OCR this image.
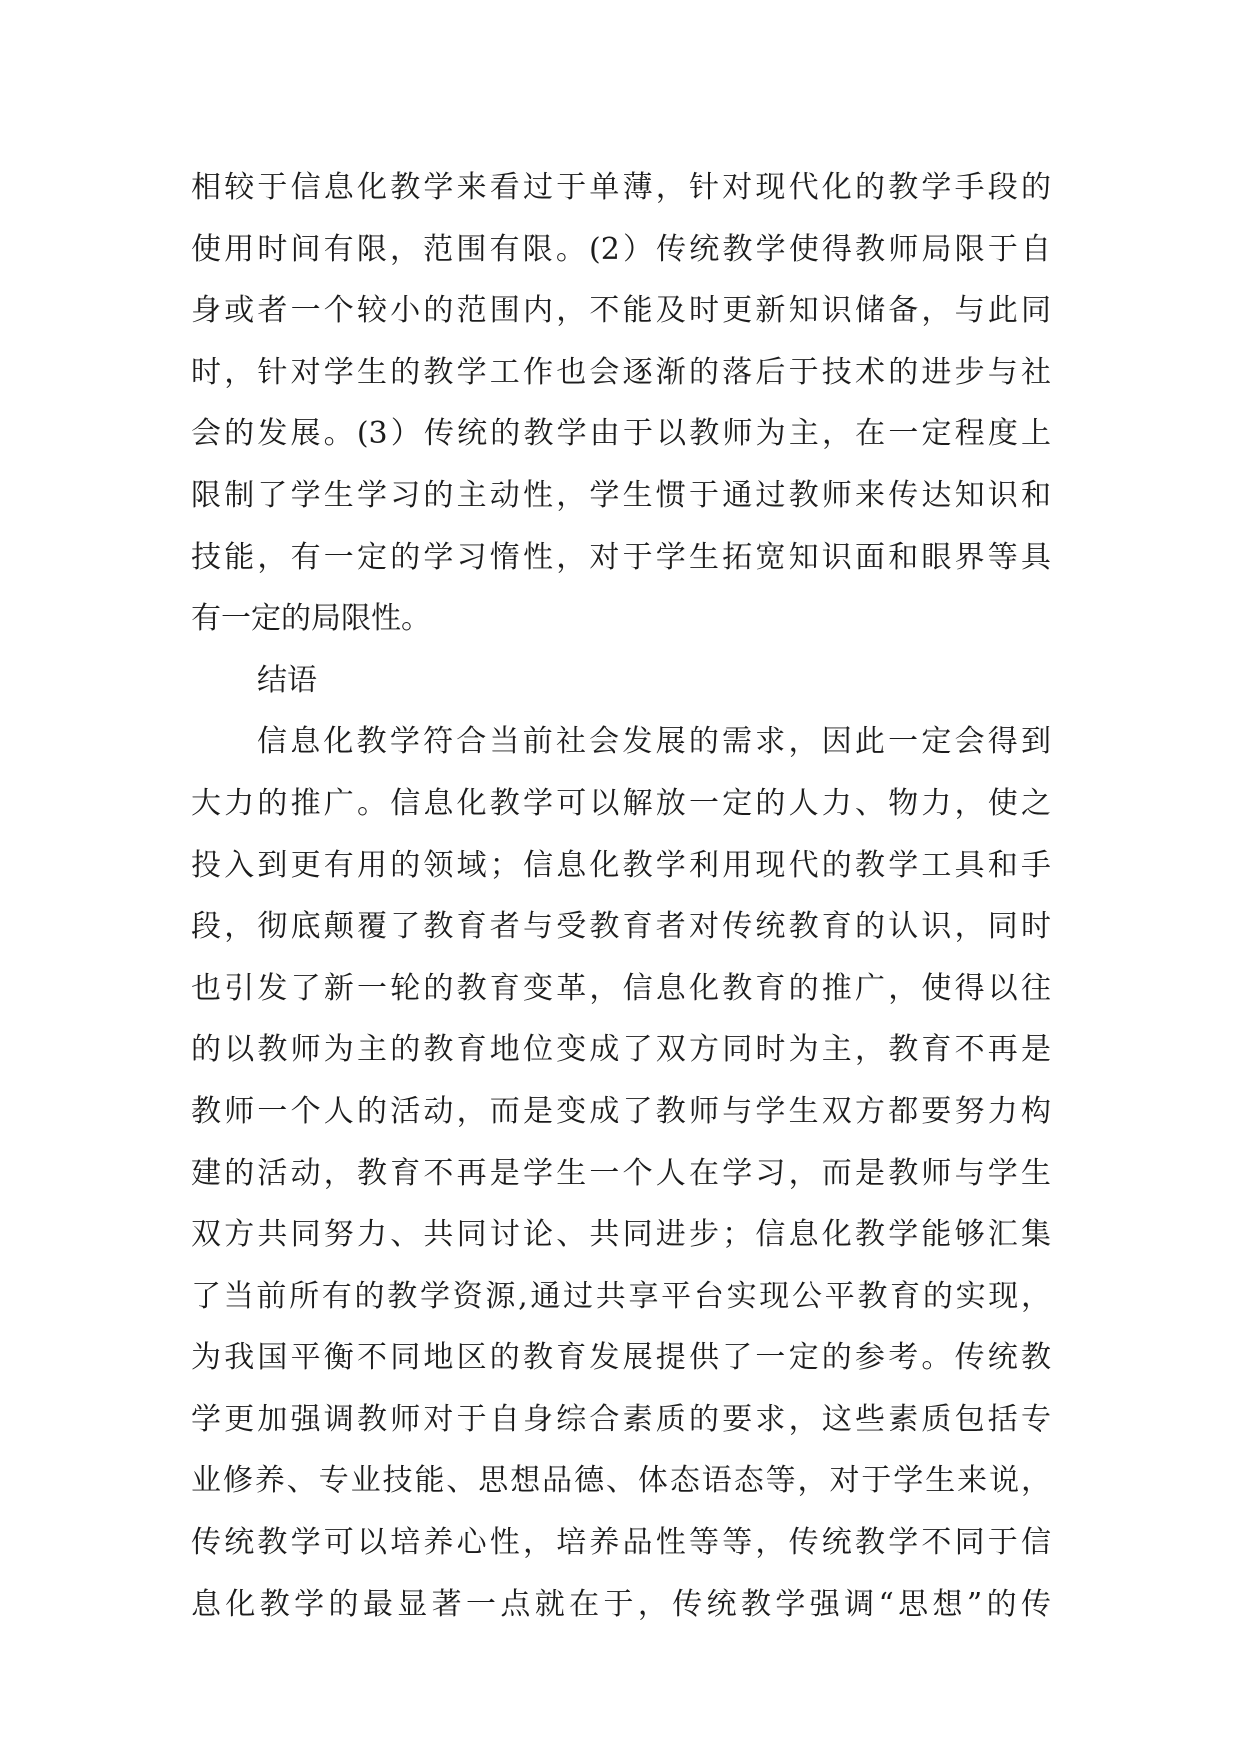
相较于信息化教学来看过于单薄，针对现代化的教学手段的
使用时间有限，范围有限。(2）传统教学使得教师局限于自
身或者一个较小的范围内，不能及时更新知识储备，与此同
时，针对学生的教学工作也会逐渐的落后于技术的进步与社
会的发展。(3）传统的教学由于以教师为主，在一定程度上
限制了学生学习的主动性，学生惯于通过教师来传达知识和
技能，有一定的学习惰性，对于学生拓宽知识面和眼界等具
有一定的局限性。
结语
信息化教学符合当前社会发展的需求，因此一定会得到
大力的推广。信息化教学可以解放一定的人力、物力，使之
投入到更有用的领域；信息化教学利用现代的教学工具和手
段，彻底颠覆了教育者与受教育者对传统教育的认识，同时
也引发了新一轮的教育变革，信息化教育的推广，使得以往
的以教师为主的教育地位变成了双方同时为主，教育不再是
教师一个人的活动，而是变成了教师与学生双方都要努力构
建的活动，教育不再是学生一个人在学习，而是教师与学生
双方共同努力、共同讨论、共同进步；信息化教学能够汇集
了当前所有的教学资源,通过共享平台实现公平教育的实现，
为我国平衡不同地区的教育发展提供了一定的参考。传统教
学更加强调教师对于自身综合素质的要求，这些素质包括专
业修养、专业技能、思想品德、体态语态等，对于学生来说，
传统教学可以培养心性，培养品性等等，传统教学不同于信
息化教学的最显著一点就在于，传统教学强调“思想”的传
